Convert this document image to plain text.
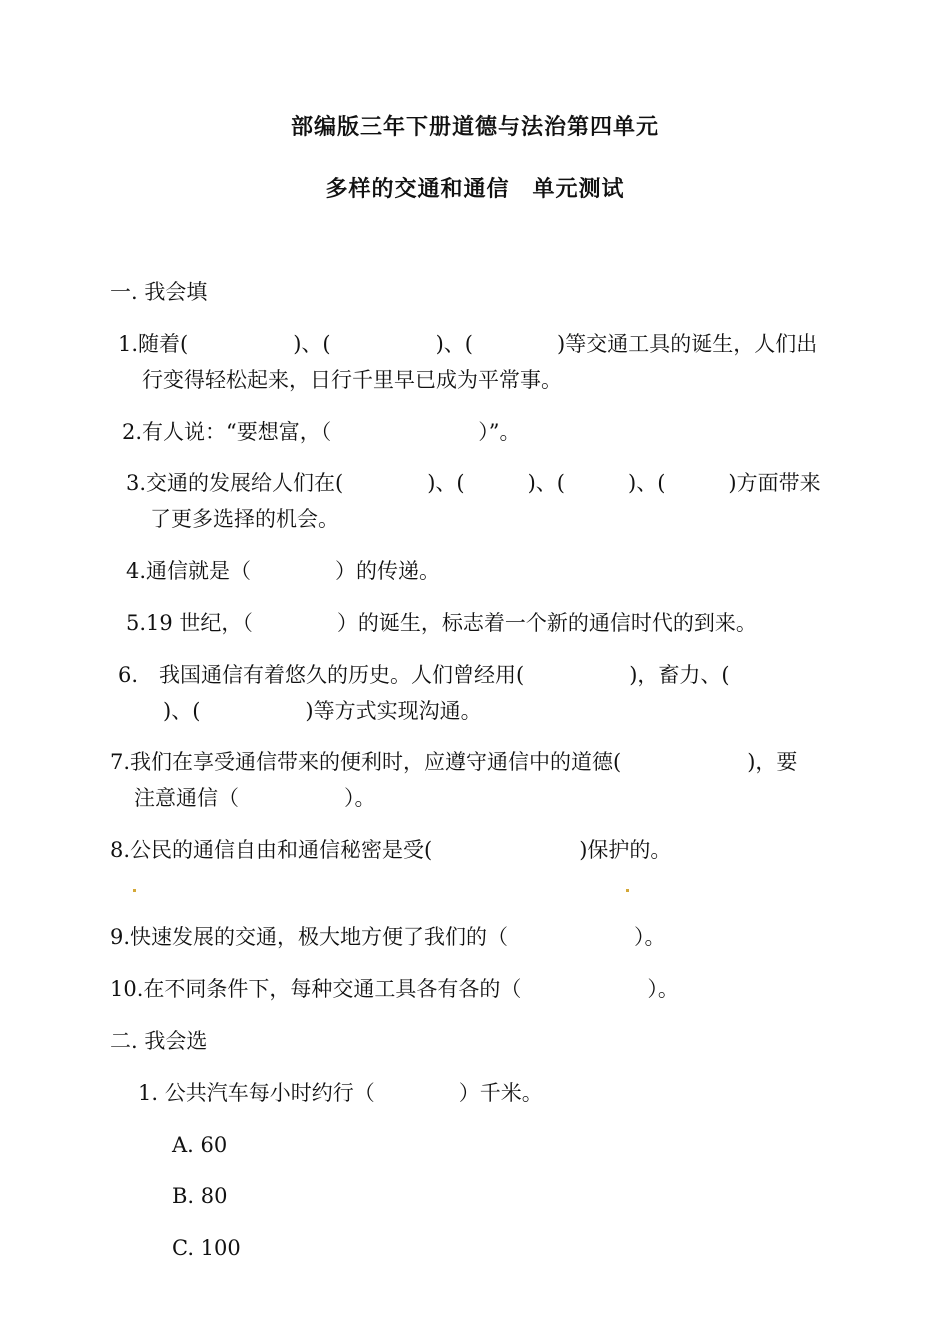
部编版三年下册道德与法治第四单元
多样的交通和通信　单元测试
一. 我会填
1.随着(　　　　　)、(　　　　　)、(　　　　)等交通工具的诞生，人们出
行变得轻松起来，日行千里早已成为平常事。
2.有人说：“要想富，（　　　　　　　）”。
3.交通的发展给人们在(　　　　)、(　　　)、(　　　)、(　　　)方面带来
了更多选择的机会。
4.通信就是（　　　　）的传递。
5.19 世纪，（　　　　）的诞生，标志着一个新的通信时代的到来。
6.　我国通信有着悠久的历史。人们曾经用(　　　　　)，畜力、(
　)、(　　　　　)等方式实现沟通。
7.我们在享受通信带来的便利时，应遵守通信中的道德(　　　　　　)，要
注意通信（　　　　　）。
8.公民的通信自由和通信秘密是受(　　　　　　　)保护的。
9.快速发展的交通，极大地方便了我们的（　　　　　　）。
10.在不同条件下，每种交通工具各有各的（　　　　　　）。
二. 我会选
1. 公共汽车每小时约行（　　　　）千米。
A. 60
B. 80
C. 100
